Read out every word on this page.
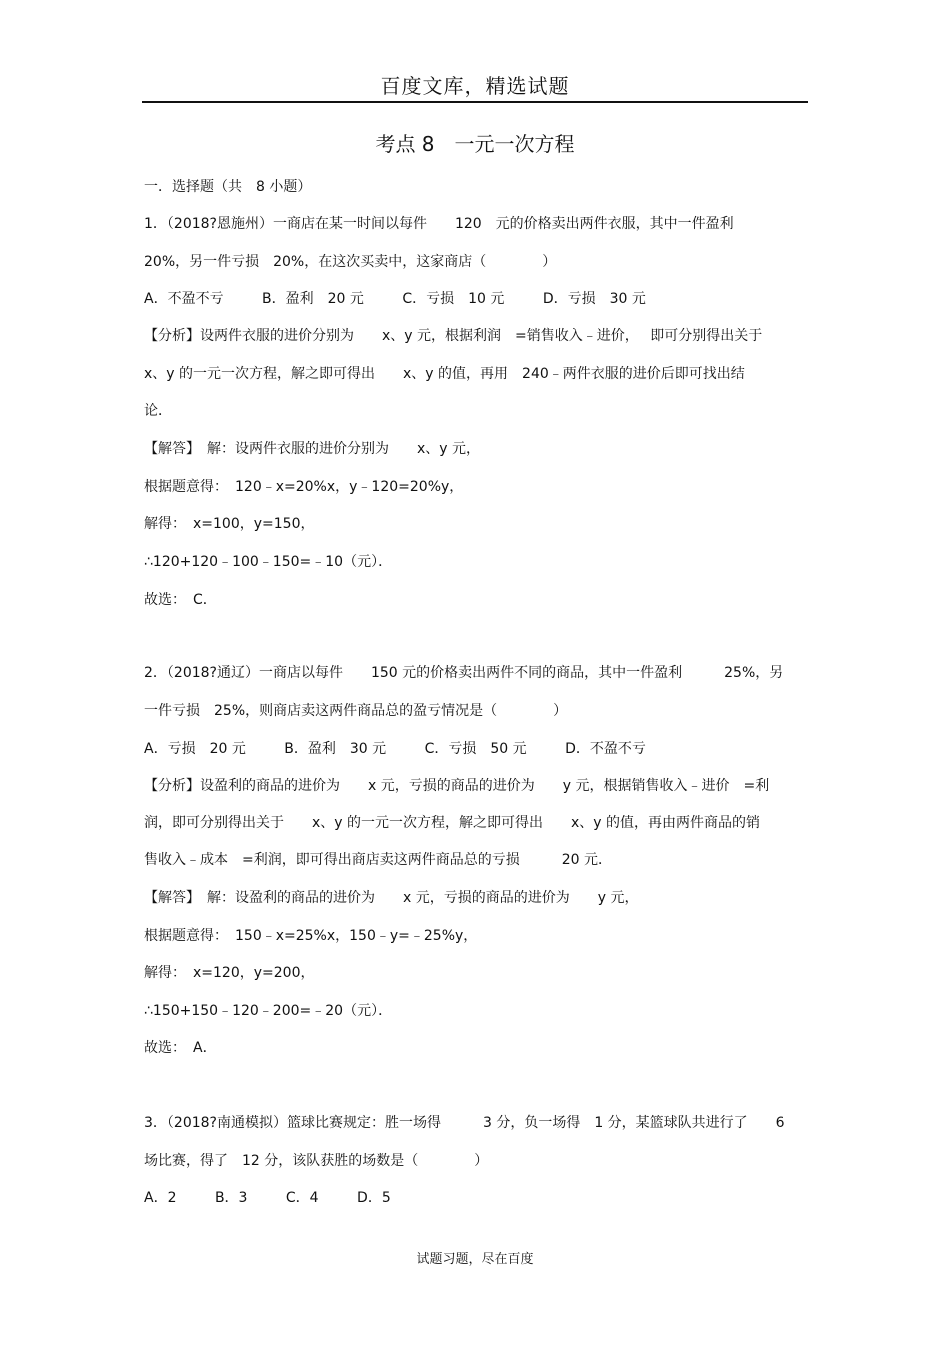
百度文库，精选试题
考点 8　一元一次方程
一．选择题（共　8 小题）
1．（2018?恩施州）一商店在某一时间以每件　　120　元的价格卖出两件衣服，其中一件盈利
20%，另一件亏损　20%，在这次买卖中，这家商店（　　　　）
A．不盈不亏	B．盈利　20 元	C．亏损　10 元	D．亏损　30 元
【分析】设两件衣服的进价分别为　　x、y 元，根据利润　=销售收入﹣进价，　 即可分别得出关于
x、y 的一元一次方程，解之即可得出　　x、y 的值，再用　240﹣两件衣服的进价后即可找出结
论．
【解答】　解：设两件衣服的进价分别为　　x、y 元，
根据题意得：　120﹣x=20%x，y﹣120=20%y，
解得：　x=100，y=150，
∴120+120﹣100﹣150=﹣10（元）．
故选：　C．
2．（2018?通辽）一商店以每件　　150 元的价格卖出两件不同的商品，其中一件盈利　　　25%，另
一件亏损　25%，则商店卖这两件商品总的盈亏情况是（　　　　）
A．亏损　20 元	B．盈利　30 元	C．亏损　50 元	D．不盈不亏
【分析】设盈利的商品的进价为　　x 元，亏损的商品的进价为　　y 元，根据销售收入﹣进价　=利
润，即可分别得出关于　　x、y 的一元一次方程，解之即可得出　　x、y 的值，再由两件商品的销
售收入﹣成本　=利润，即可得出商店卖这两件商品总的亏损　　　20 元．
【解答】　解：设盈利的商品的进价为　　x 元，亏损的商品的进价为　　y 元，
根据题意得：　150﹣x=25%x，150﹣y=﹣25%y，
解得：　x=120，y=200，
∴150+150﹣120﹣200=﹣20（元）．
故选：　A．
3．（2018?南通模拟）篮球比赛规定：胜一场得　　　3 分，负一场得　1 分，某篮球队共进行了　　6
场比赛，得了　12 分，该队获胜的场数是（　　　　）
A．2	B．3	C．4	D．5
试题习题，尽在百度
